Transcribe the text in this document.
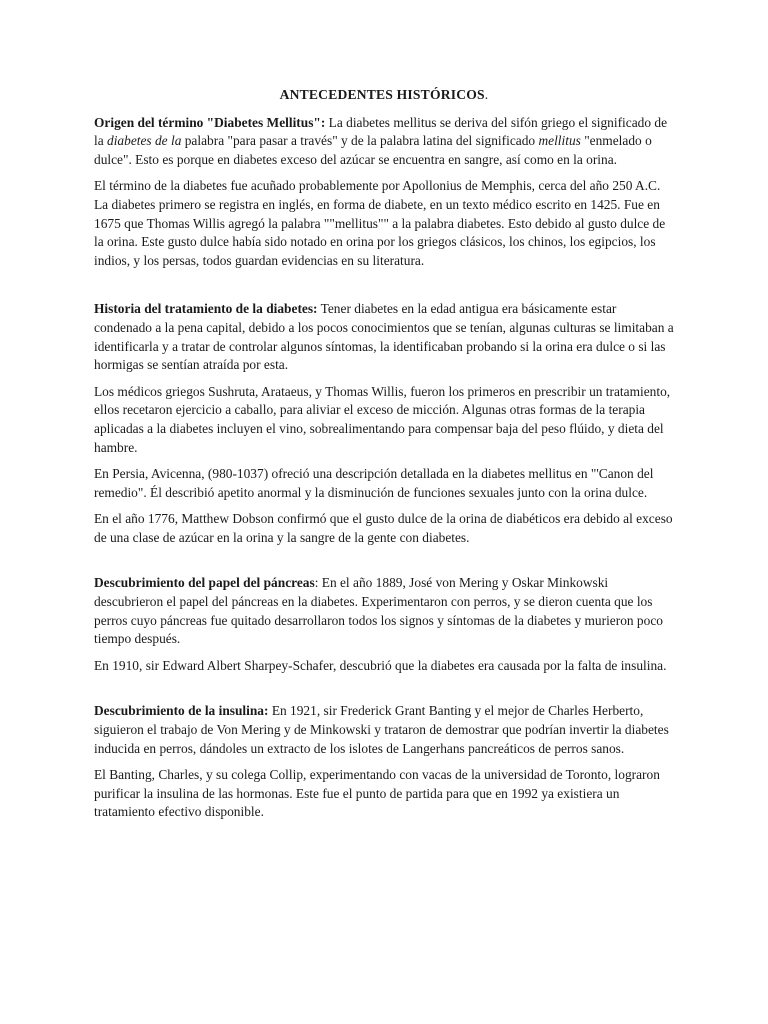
ANTECEDENTES HISTÓRICOS.

Origen del término "Diabetes Mellitus": La diabetes mellitus se deriva del sifón griego el significado de la diabetes de la palabra "para pasar a través" y de la palabra latina del significado mellitus "enmelado o dulce". Esto es porque en diabetes exceso del azúcar se encuentra en sangre, así como en la orina.

El término de la diabetes fue acuñado probablemente por Apollonius de Memphis, cerca del año 250 A.C. La diabetes primero se registra en inglés, en forma de diabete, en un texto médico escrito en 1425. Fue en 1675 que Thomas Willis agregó la palabra ""mellitus"" a la palabra diabetes. Esto debido al gusto dulce de la orina. Este gusto dulce había sido notado en orina por los griegos clásicos, los chinos, los egipcios, los indios, y los persas, todos guardan evidencias en su literatura.

Historia del tratamiento de la diabetes: Tener diabetes en la edad antigua era básicamente estar condenado a la pena capital, debido a los pocos conocimientos que se tenían, algunas culturas se limitaban a identificarla y a tratar de controlar algunos síntomas, la identificaban probando si la orina era dulce o si las hormigas se sentían atraída por esta.

Los médicos griegos Sushruta, Arataeus, y Thomas Willis, fueron los primeros en prescribir un tratamiento, ellos recetaron ejercicio a caballo, para aliviar el exceso de micción. Algunas otras formas de la terapia aplicadas a la diabetes incluyen el vino, sobrealimentando para compensar baja del peso flúido, y dieta del hambre.

En Persia, Avicenna, (980-1037) ofreció una descripción detallada en la diabetes mellitus en "'Canon del remedio". Él describió apetito anormal y la disminución de funciones sexuales junto con la orina dulce.

En el año 1776, Matthew Dobson confirmó que el gusto dulce de la orina de diabéticos era debido al exceso de una clase de azúcar en la orina y la sangre de la gente con diabetes.

Descubrimiento del papel del páncreas: En el año 1889, José von Mering y Oskar Minkowski descubrieron el papel del páncreas en la diabetes. Experimentaron con perros, y se dieron cuenta que los perros cuyo páncreas fue quitado desarrollaron todos los signos y síntomas de la diabetes y murieron poco tiempo después.

En 1910, sir Edward Albert Sharpey-Schafer, descubrió que la diabetes era causada por la falta de insulina.

Descubrimiento de la insulina: En 1921, sir Frederick Grant Banting y el mejor de Charles Herberto, siguieron el trabajo de Von Mering y de Minkowski y trataron de demostrar que podrían invertir la diabetes inducida en perros, dándoles un extracto de los islotes de Langerhans pancreáticos de perros sanos.

El Banting, Charles, y su colega Collip, experimentando con vacas de la universidad de Toronto, lograron purificar la insulina de las hormonas. Este fue el punto de partida para que en 1992 ya existiera un tratamiento efectivo disponible.
